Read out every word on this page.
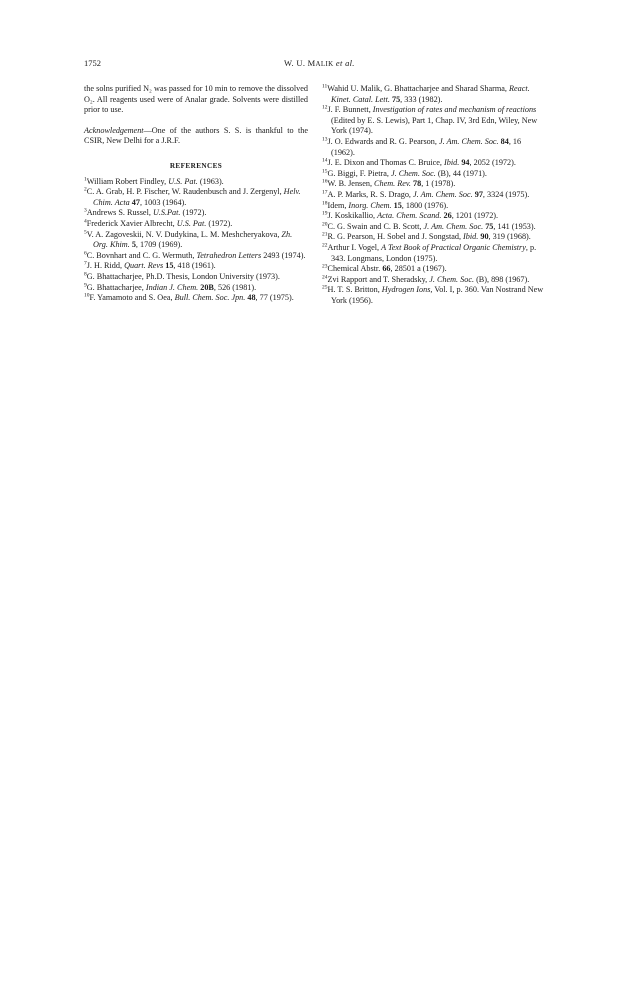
1752	W. U. MALIK et al.

the solns purified N₂ was passed for 10 min to remove the dissolved O₂. All reagents used were of Analar grade. Solvents were distilled prior to use.

Acknowledgement—One of the authors S. S. is thankful to the CSIR, New Delhi for a J.R.F.

REFERENCES
$^1$William Robert Findley, U.S. Pat. (1963).
$^2$C. A. Grab, H. P. Fischer, W. Raudenbusch and J. Zergenyl, Helv. Chim. Acta 47, 1003 (1964).
$^3$Andrews S. Russel, U.S.Pat. (1972).
$^4$Frederick Xavier Albrecht, U.S. Pat. (1972).
$^5$V. A. Zagoveskii, N. V. Dudykina, L. M. Meshcheryakova, Zh. Org. Khim. 5, 1709 (1969).
$^6$C. Bovnhart and C. G. Wermuth, Tetrahedron Letters 2493 (1974).
$^7$J. H. Ridd, Quart. Revs 15, 418 (1961).
$^8$G. Bhattacharjee, Ph.D. Thesis, London University (1973).
$^9$G. Bhattacharjee, Indian J. Chem. 20B, 526 (1981).
$^{10}$F. Yamamoto and S. Oea, Bull. Chem. Soc. Jpn. 48, 77 (1975).
$^{11}$Wahid U. Malik, G. Bhattacharjee and Sharad Sharma, React. Kinet. Catal. Lett. 75, 333 (1982).
$^{12}$J. F. Bunnett, Investigation of rates and mechanism of reactions (Edited by E. S. Lewis), Part 1, Chap. IV, 3rd Edn, Wiley, New York (1974).
$^{13}$J. O. Edwards and R. G. Pearson, J. Am. Chem. Soc. 84, 16 (1962).
$^{14}$J. E. Dixon and Thomas C. Bruice, Ibid. 94, 2052 (1972).
$^{15}$G. Biggi, F. Pietra, J. Chem. Soc. (B), 44 (1971).
$^{16}$W. B. Jensen, Chem. Rev. 78, 1 (1978).
$^{17}$A. P. Marks, R. S. Drago, J. Am. Chem. Soc. 97, 3324 (1975).
$^{18}$Idem, Inorg. Chem. 15, 1800 (1976).
$^{19}$J. Koskikallio, Acta. Chem. Scand. 26, 1201 (1972).
$^{20}$C. G. Swain and C. B. Scott, J. Am. Chem. Soc. 75, 141 (1953).
$^{21}$R. G. Pearson, H. Sobel and J. Songstad, Ibid. 90, 319 (1968).
$^{22}$Arthur I. Vogel, A Text Book of Practical Organic Chemistry, p. 343. Longmans, London (1975).
$^{23}$Chemical Abstr. 66, 28501 a (1967).
$^{24}$Zvi Rapport and T. Sheradsky, J. Chem. Soc. (B), 898 (1967).
$^{25}$H. T. S. Britton, Hydrogen Ions, Vol. I, p. 360. Van Nostrand New York (1956).
